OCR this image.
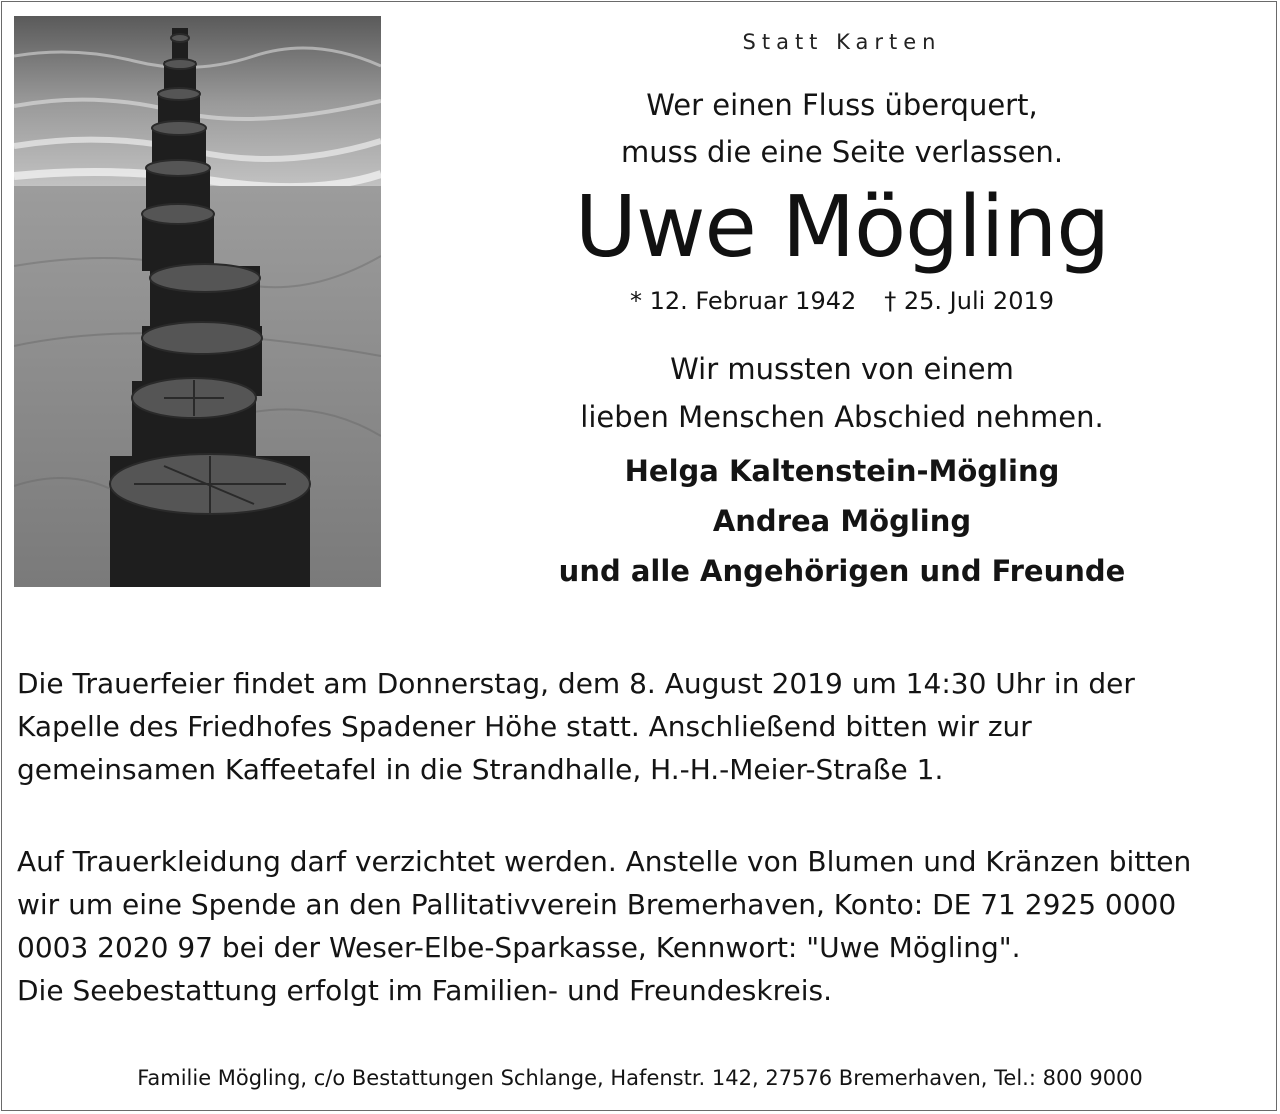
Statt Karten
Wer einen Fluss überquert,
muss die eine Seite verlassen.
Uwe Mögling
* 12. Februar 1942 † 25. Juli 2019
Wir mussten von einem
lieben Menschen Abschied nehmen.
Helga Kaltenstein-Mögling
Andrea Mögling
und alle Angehörigen und Freunde
Die Trauerfeier findet am Donnerstag, dem 8. August 2019 um 14:30 Uhr in der
Kapelle des Friedhofes Spadener Höhe statt. Anschließend bitten wir zur
gemeinsamen Kaffeetafel in die Strandhalle, H.-H.-Meier-Straße 1.
Auf Trauerkleidung darf verzichtet werden. Anstelle von Blumen und Kränzen bitten
wir um eine Spende an den Pallitativverein Bremerhaven, Konto: DE 71 2925 0000
0003 2020 97 bei der Weser-Elbe-Sparkasse, Kennwort: "Uwe Mögling".
Die Seebestattung erfolgt im Familien- und Freundeskreis.
Familie Mögling, c/o Bestattungen Schlange, Hafenstr. 142, 27576 Bremerhaven, Tel.: 800 9000
